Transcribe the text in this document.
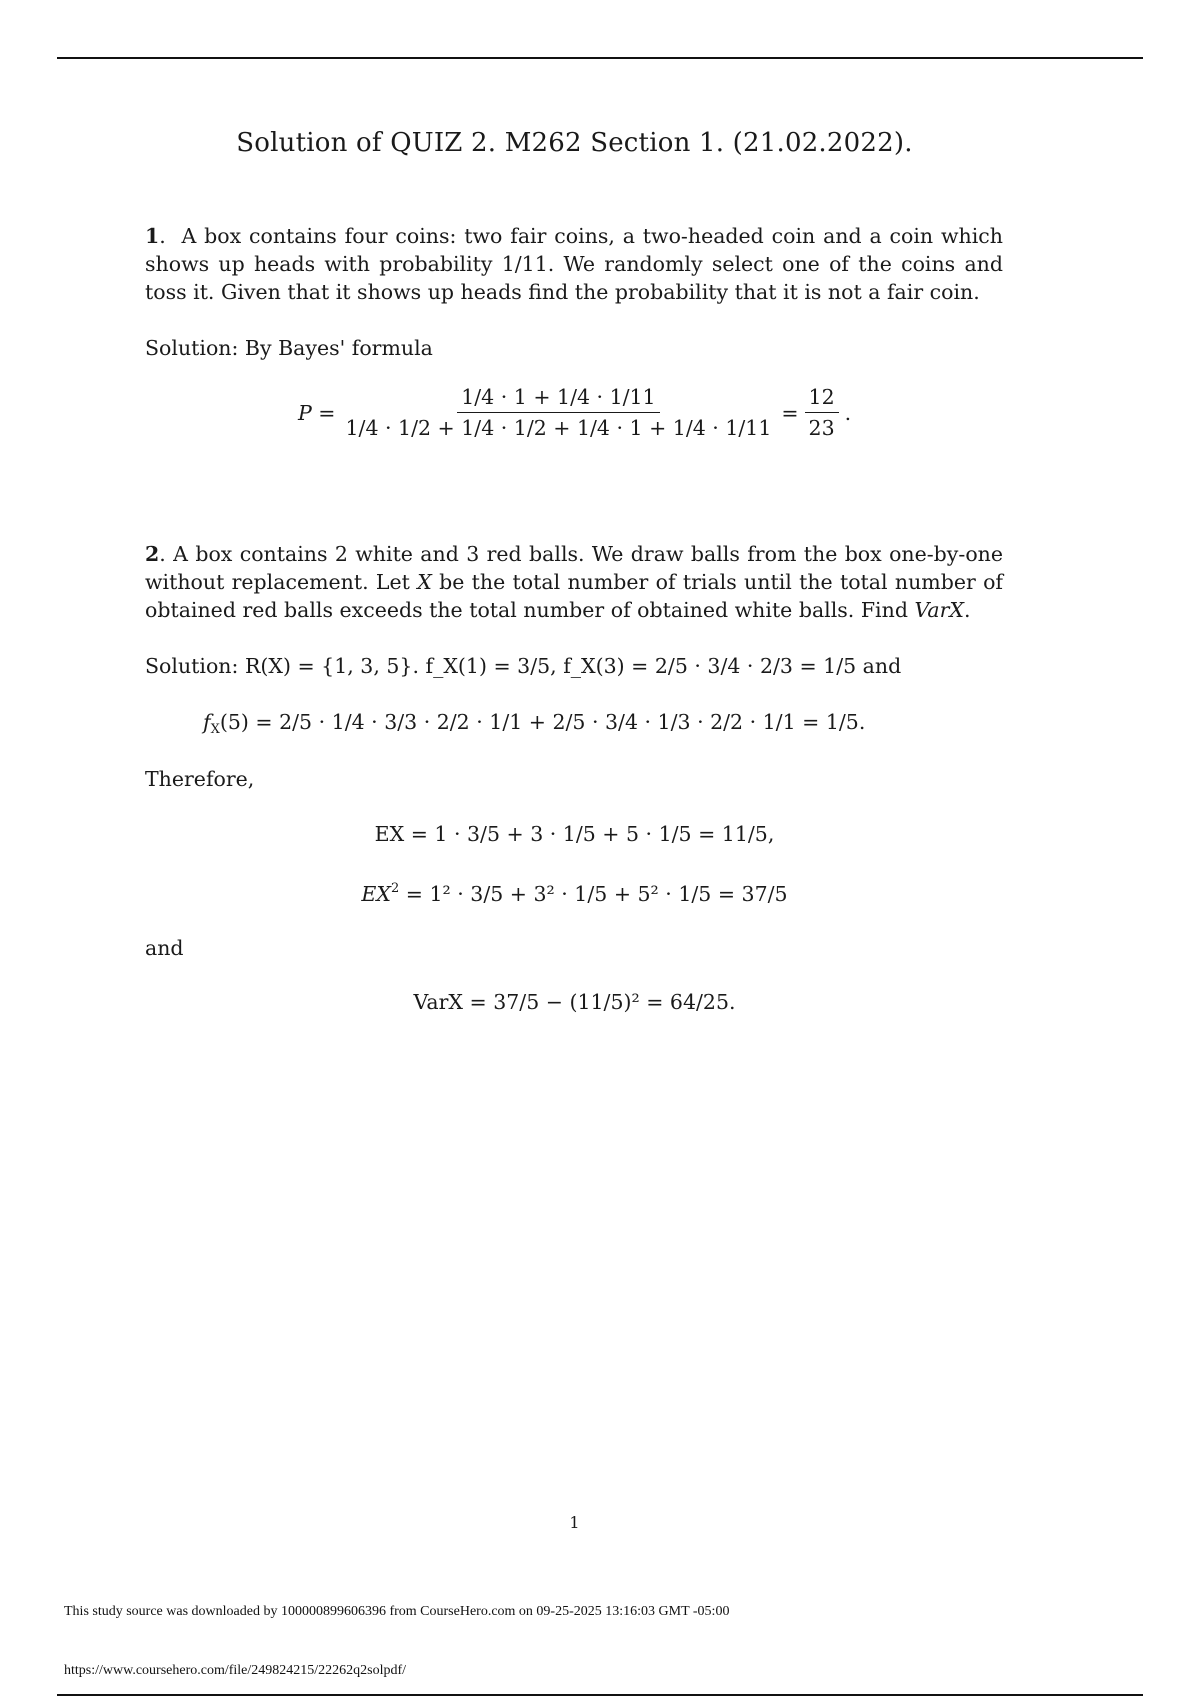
Solution of QUIZ 2. M262 Section 1. (21.02.2022).
1.  A box contains four coins: two fair coins, a two-headed coin and a coin which shows up heads with probability 1/11. We randomly select one of the coins and toss it. Given that it shows up heads find the probability that it is not a fair coin.
Solution: By Bayes' formula
$P = \frac{1/4 \cdot 1 + 1/4 \cdot 1/11}{1/4 \cdot 1/2 + 1/4 \cdot 1/2 + 1/4 \cdot 1 + 1/4 \cdot 1/11} = \frac{12}{23}$ .
2. A box contains 2 white and 3 red balls. We draw balls from the box one-by-one without replacement. Let X be the total number of trials until the total number of obtained red balls exceeds the total number of obtained white balls. Find VarX.
Solution: R(X) = {1, 3, 5}. f_X(1) = 3/5, f_X(3) = 2/5 · 3/4 · 2/3 = 1/5 and
$f_X(5) = 2/5 \cdot 1/4 \cdot 3/3 \cdot 2/2 \cdot 1/1 + 2/5 \cdot 3/4 \cdot 1/3 \cdot 2/2 \cdot 1/1 = 1/5$.
Therefore,
EX = 1 · 3/5 + 3 · 1/5 + 5 · 1/5 = 11/5,
$EX^2 = 1^2 \cdot 3/5 + 3^2 \cdot 1/5 + 5^2 \cdot 1/5 = 37/5$
and
VarX = 37/5 − (11/5)² = 64/25.
1
This study source was downloaded by 100000899606396 from CourseHero.com on 09-25-2025 13:16:03 GMT -05:00
https://www.coursehero.com/file/249824215/22262q2solpdf/
